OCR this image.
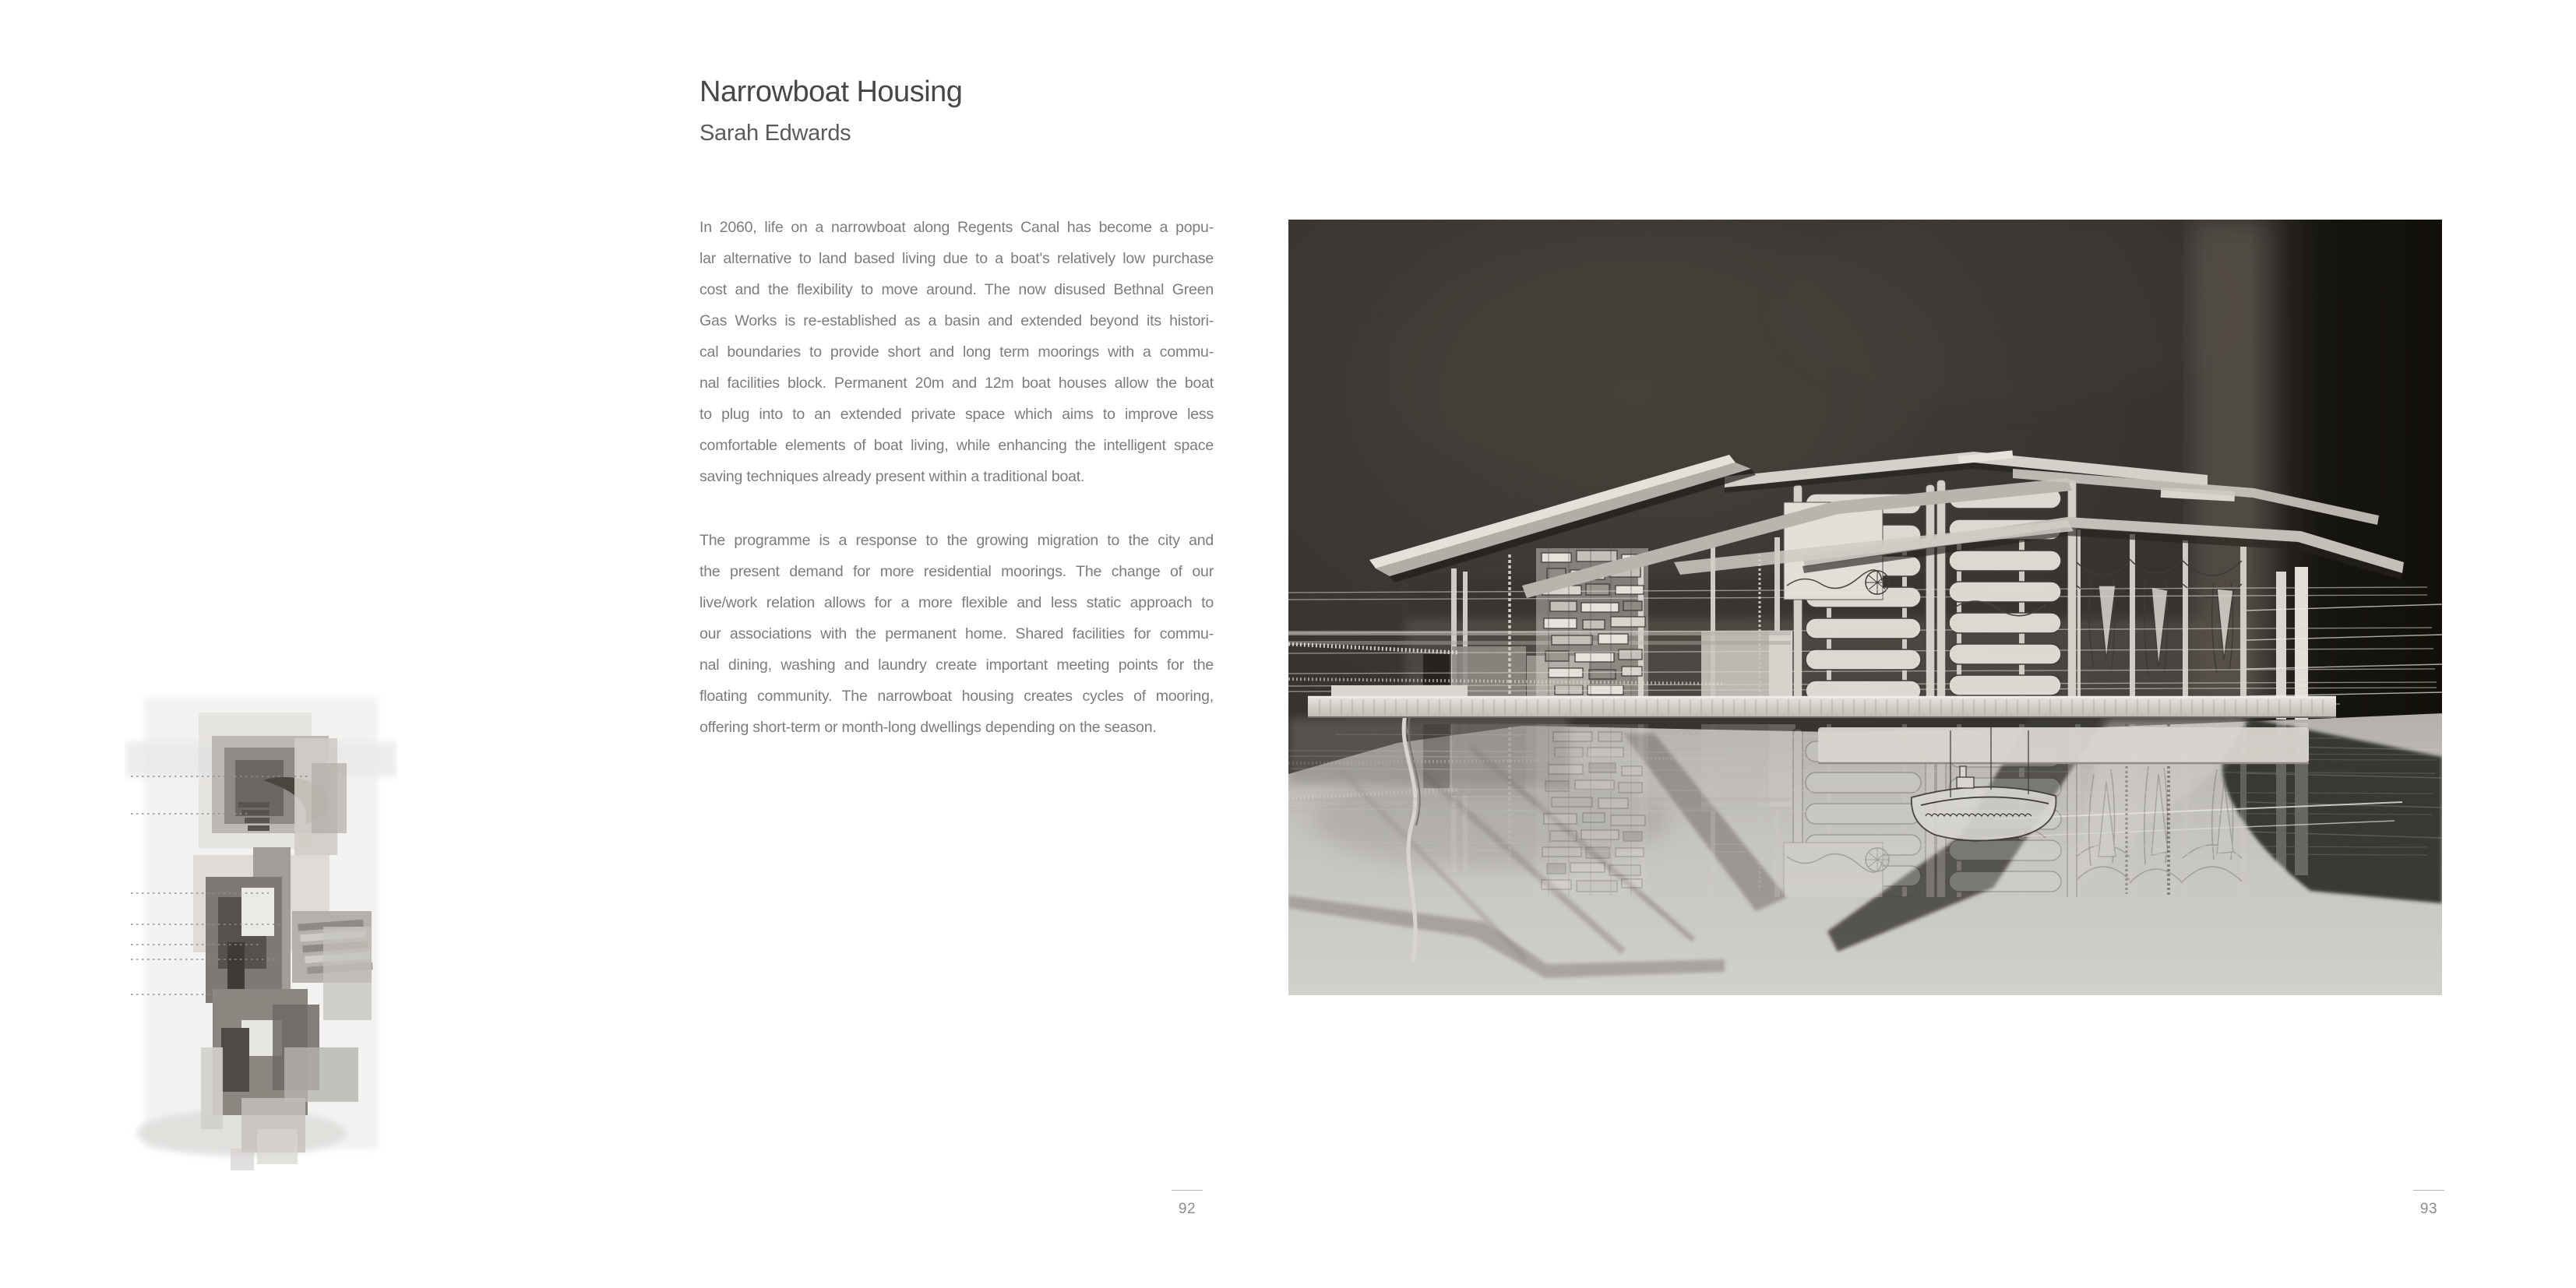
Narrowboat Housing
Sarah Edwards
In 2060, life on a narrowboat along Regents Canal has become a popu-
lar alternative to land based living due to a boat's relatively low purchase
cost and the flexibility to move around. The now disused Bethnal Green
Gas Works is re-established as a basin and extended beyond its histori-
cal boundaries to provide short and long term moorings with a commu-
nal facilities block. Permanent 20m and 12m boat houses allow the boat
to plug into to an extended private space which aims to improve less
comfortable elements of boat living, while enhancing the intelligent space
saving techniques already present within a traditional boat.
The programme is a response to the growing migration to the city and
the present demand for more residential moorings. The change of our
live/work relation allows for a more flexible and less static approach to
our associations with the permanent home. Shared facilities for commu-
nal dining, washing and laundry create important meeting points for the
floating community. The narrowboat housing creates cycles of mooring,
offering short-term or month-long dwellings depending on the season.
92	93
